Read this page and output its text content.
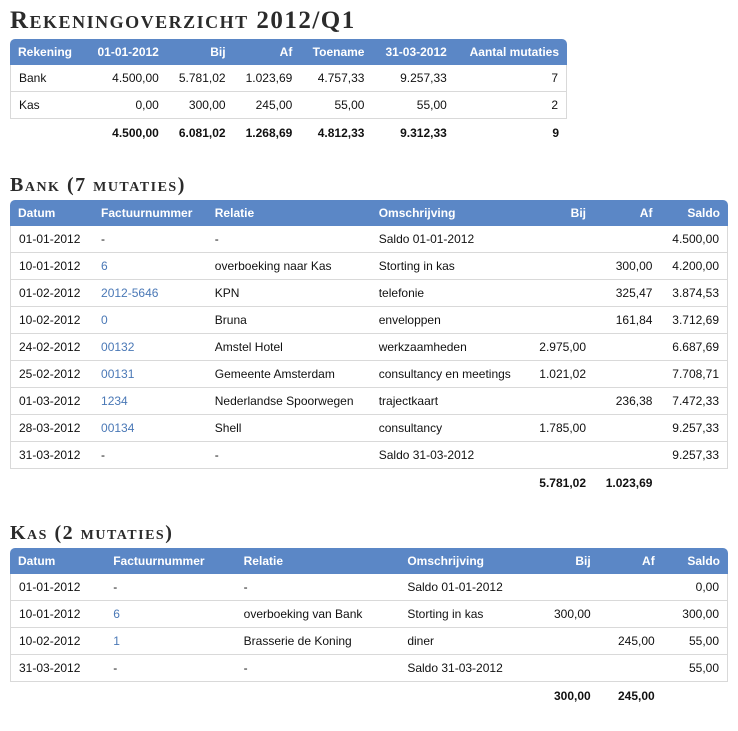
Rekeningoverzicht 2012/Q1
Rekening	01-01-2012	Bij	Af	Toename	31-03-2012	Aantal mutaties
Bank	4.500,00	5.781,02	1.023,69	4.757,33	9.257,33	7
Kas	0,00	300,00	245,00	55,00	55,00	2
	4.500,00	6.081,02	1.268,69	4.812,33	9.312,33	9
Bank (7 mutaties)
Datum	Factuurnummer	Relatie	Omschrijving	Bij	Af	Saldo
01-01-2012	-	-	Saldo 01-01-2012			4.500,00
10-01-2012	6	overboeking naar Kas	Storting in kas		300,00	4.200,00
01-02-2012	2012-5646	KPN	telefonie		325,47	3.874,53
10-02-2012	0	Bruna	enveloppen		161,84	3.712,69
24-02-2012	00132	Amstel Hotel	werkzaamheden	2.975,00		6.687,69
25-02-2012	00131	Gemeente Amsterdam	consultancy en meetings	1.021,02		7.708,71
01-03-2012	1234	Nederlandse Spoorwegen	trajectkaart		236,38	7.472,33
28-03-2012	00134	Shell	consultancy	1.785,00		9.257,33
31-03-2012	-	-	Saldo 31-03-2012			9.257,33
				5.781,02	1.023,69	
Kas (2 mutaties)
Datum	Factuurnummer	Relatie	Omschrijving	Bij	Af	Saldo
01-01-2012	-	-	Saldo 01-01-2012			0,00
10-01-2012	6	overboeking van Bank	Storting in kas	300,00		300,00
10-02-2012	1	Brasserie de Koning	diner		245,00	55,00
31-03-2012	-	-	Saldo 31-03-2012			55,00
				300,00	245,00	
